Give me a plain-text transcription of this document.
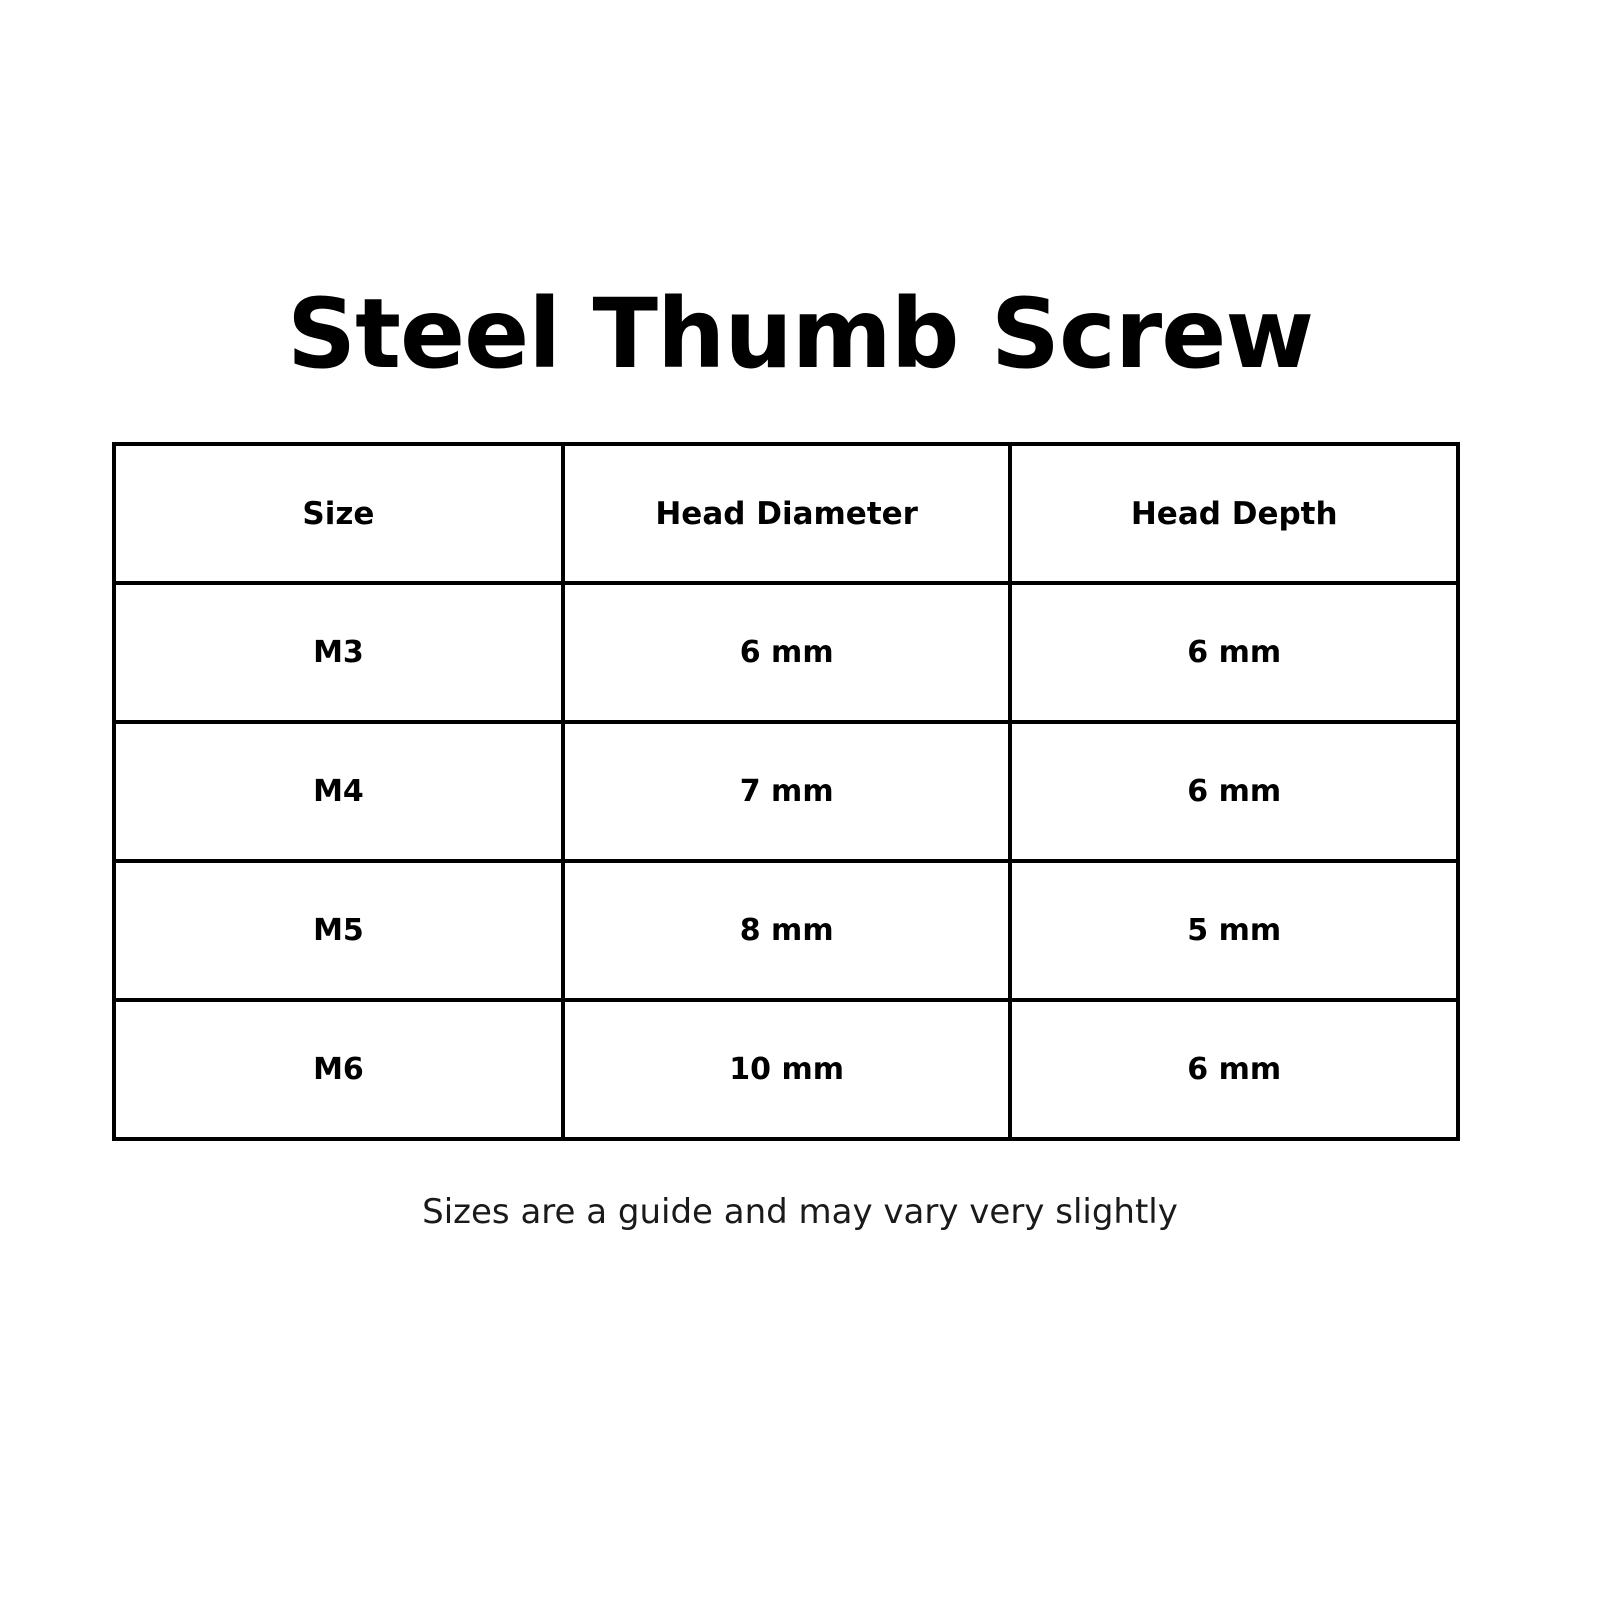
Steel Thumb Screw
Size	Head Diameter	Head Depth
M3	6 mm	6 mm
M4	7 mm	6 mm
M5	8 mm	5 mm
M6	10 mm	6 mm
Sizes are a guide and may vary very slightly
